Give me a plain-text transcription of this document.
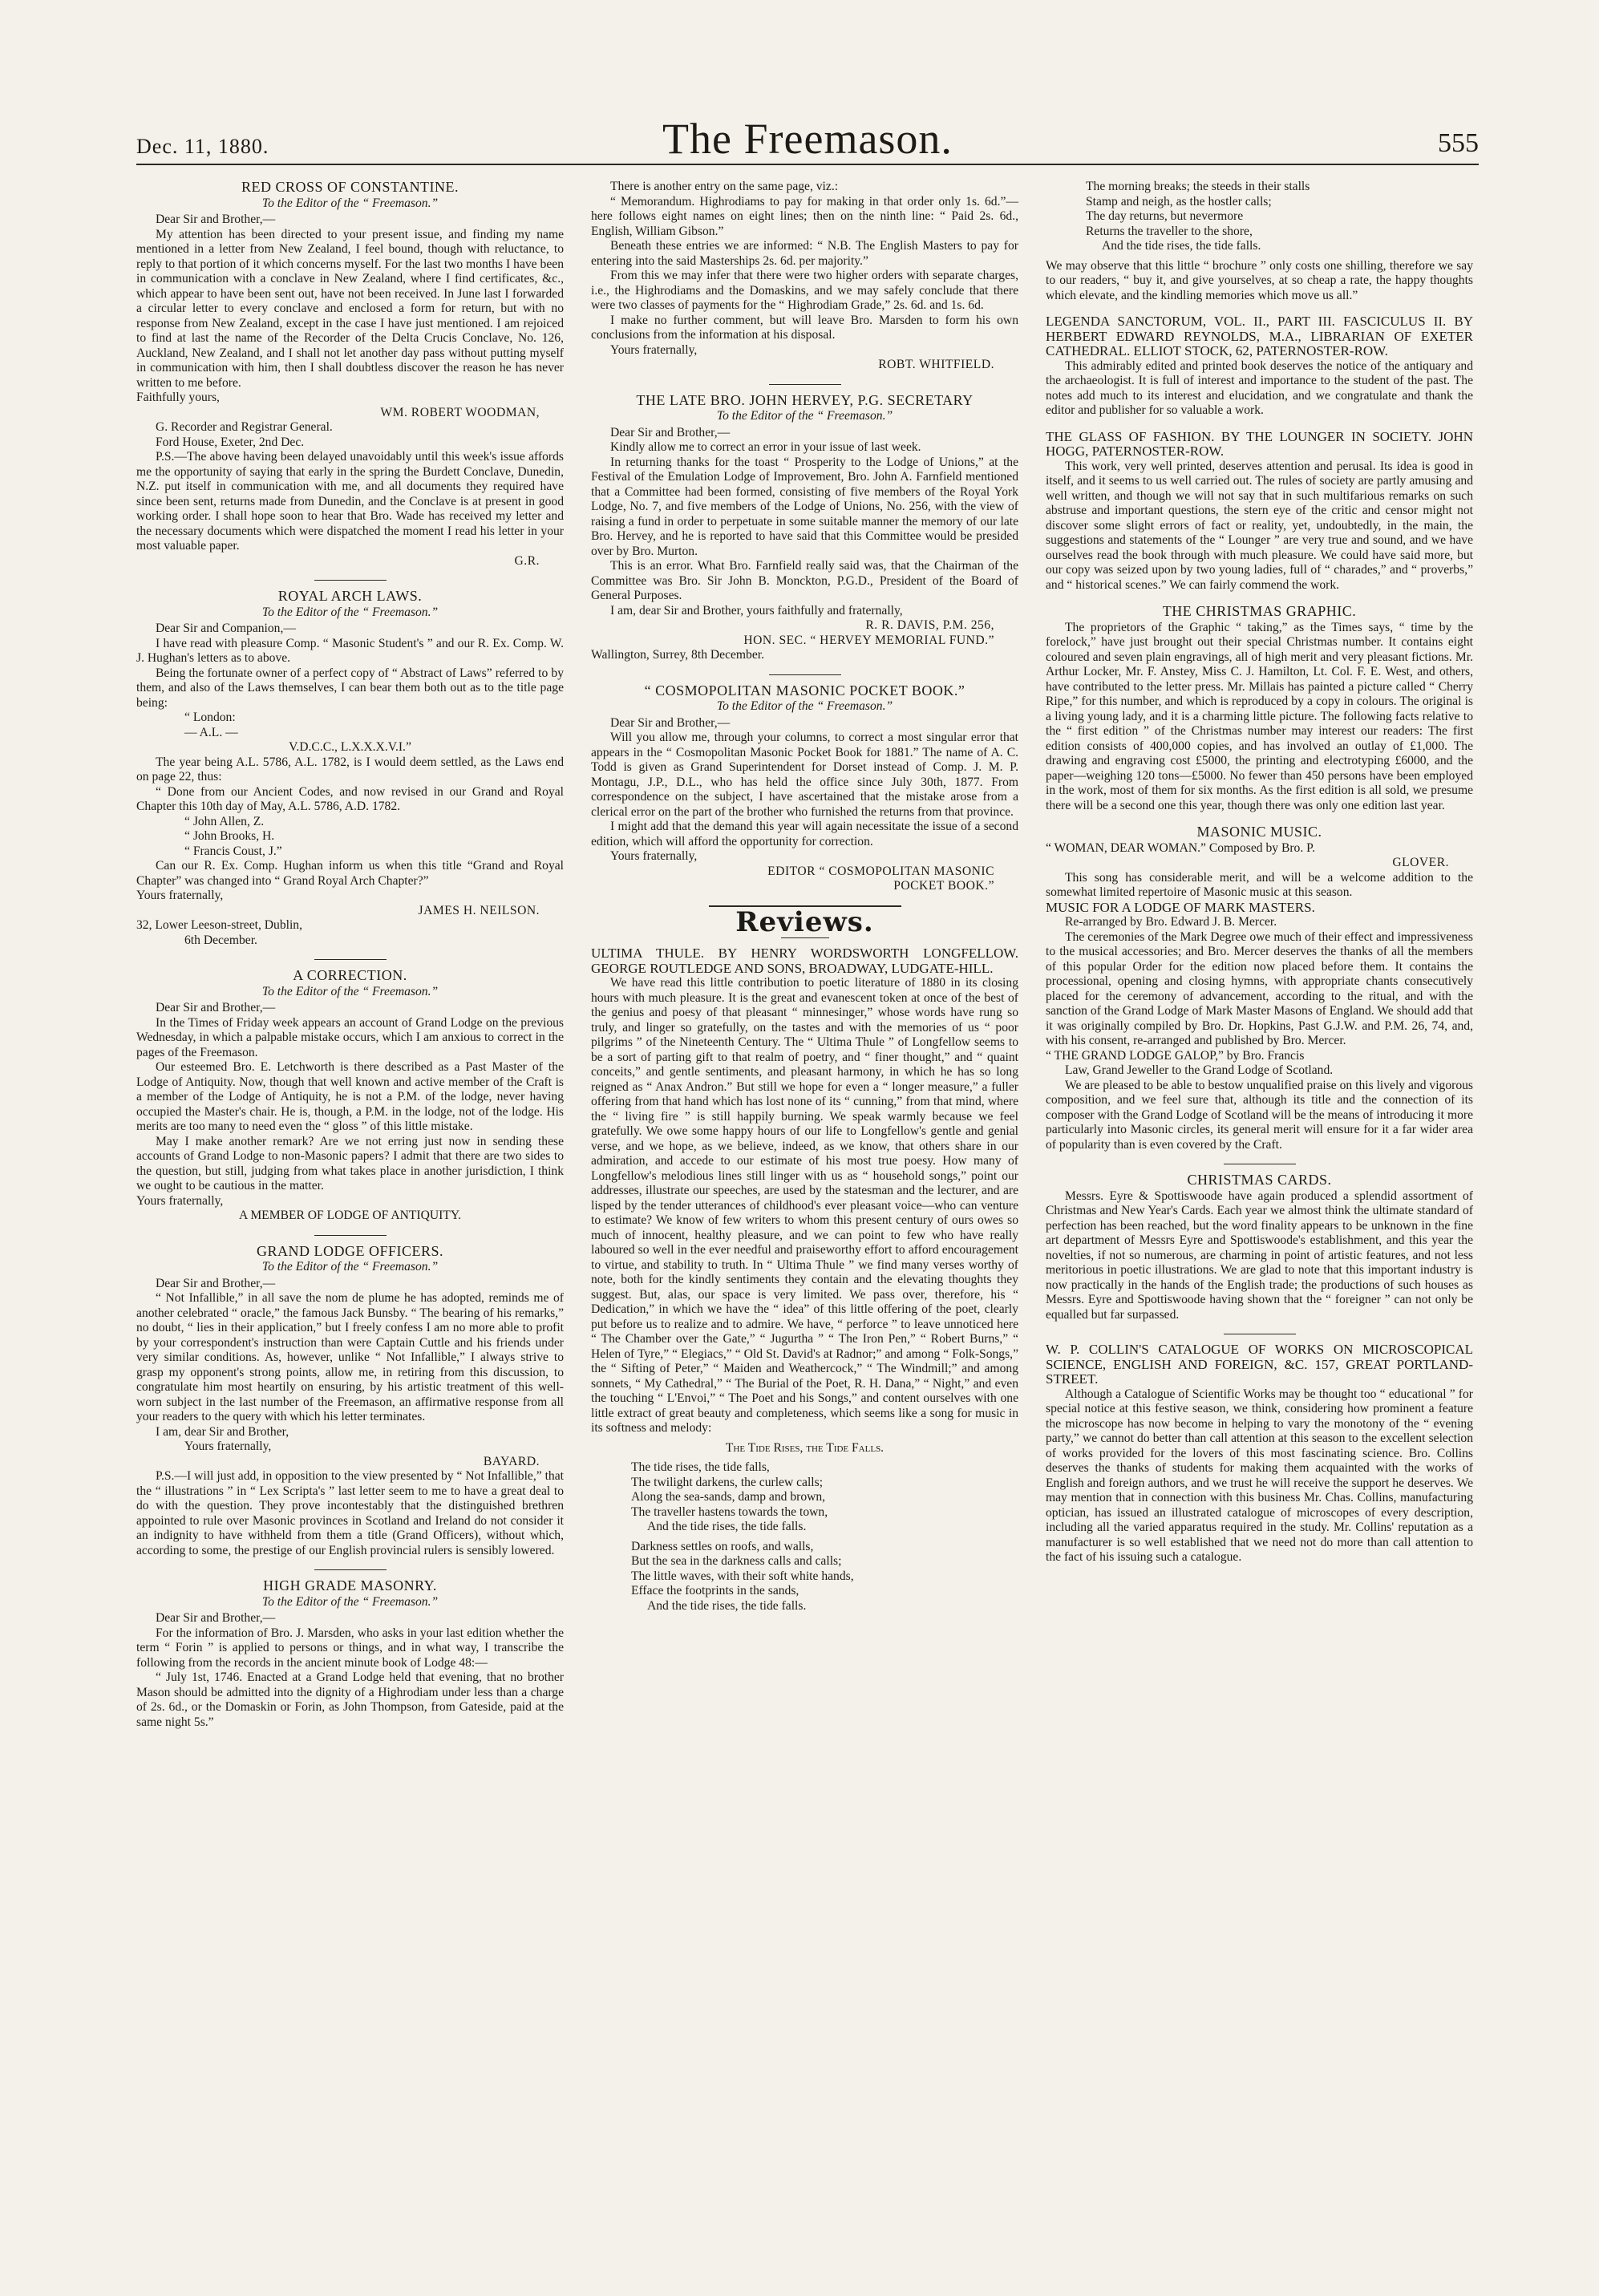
Dec. 11, 1880.	The Freemason.	555
RED CROSS OF CONSTANTINE.
To the Editor of the “ Freemason.”
Dear Sir and Brother,—

My attention has been directed to your present issue, and finding my name mentioned in a letter from New Zealand, I feel bound, though with reluctance, to reply to that portion of it which concerns myself. For the last two months I have been in communication with a conclave in New Zealand, where I find certificates, &c., which appear to have been sent out, have not been received. In June last I forwarded a circular letter to every conclave and enclosed a form for return, but with no response from New Zealand, except in the case I have just mentioned. I am rejoiced to find at last the name of the Recorder of the Delta Crucis Conclave, No. 126, Auckland, New Zealand, and I shall not let another day pass without putting myself in communication with him, then I shall doubtless discover the reason he has never written to me before.

Faithfully yours,

WM. ROBERT WOODMAN,
G. Recorder and Registrar General.
Ford House, Exeter, 2nd Dec.

P.S.—The above having been delayed unavoidably until this week's issue affords me the opportunity of saying that early in the spring the Burdett Conclave, Dunedin, N.Z. put itself in communication with me, and all documents they required have since been sent, returns made from Dunedin, and the Conclave is at present in good working order. I shall hope soon to hear that Bro. Wade has received my letter and the necessary documents which were dispatched the moment I read his letter in your most valuable paper.

G.R.
ROYAL ARCH LAWS.
To the Editor of the “ Freemason.”
Dear Sir and Companion,—

I have read with pleasure Comp. “ Masonic Student's ” and our R. Ex. Comp. W. J. Hughan's letters as to above.

Being the fortunate owner of a perfect copy of “ Abstract of Laws” referred to by them, and also of the Laws themselves, I can bear them both out as to the title page being:

“ London:
— A.L. —
V.D.C.C., L.X.X.X.V.I.”

The year being A.L. 5786, A.L. 1782, is I would deem settled, as the Laws end on page 22, thus:

“ Done from our Ancient Codes, and now revised in our Grand and Royal Chapter this 10th day of May, A.L. 5786, A.D. 1782.

“ John Allen, Z.
“ John Brooks, H.
“ Francis Coust, J.”

Can our R. Ex. Comp. Hughan inform us when this title “Grand and Royal Chapter” was changed into “ Grand Royal Arch Chapter?”

Yours fraternally,

JAMES H. NEILSON.
32, Lower Leeson-street, Dublin,
6th December.
A CORRECTION.
To the Editor of the “ Freemason.”
Dear Sir and Brother,—

In the Times of Friday week appears an account of Grand Lodge on the previous Wednesday, in which a palpable mistake occurs, which I am anxious to correct in the pages of the Freemason.

Our esteemed Bro. E. Letchworth is there described as a Past Master of the Lodge of Antiquity. Now, though that well known and active member of the Craft is a member of the Lodge of Antiquity, he is not a P.M. of the lodge, never having occupied the Master's chair. He is, though, a P.M. in the lodge, not of the lodge. His merits are too many to need even the “ gloss ” of this little mistake.

May I make another remark? Are we not erring just now in sending these accounts of Grand Lodge to non-Masonic papers? I admit that there are two sides to the question, but still, judging from what takes place in another jurisdiction, I think we ought to be cautious in the matter.

Yours fraternally,

A MEMBER OF LODGE OF ANTIQUITY.
GRAND LODGE OFFICERS.
To the Editor of the “ Freemason.”
Dear Sir and Brother,—

“ Not Infallible,” in all save the nom de plume he has adopted, reminds me of another celebrated “ oracle,” the famous Jack Bunsby. “ The bearing of his remarks,” no doubt, “ lies in their application,” but I freely confess I am no more able to profit by your correspondent's instruction than were Captain Cuttle and his friends under very similar conditions. As, however, unlike “ Not Infallible,” I always strive to grasp my opponent's strong points, allow me, in retiring from this discussion, to congratulate him most heartily on ensuring, by his artistic treatment of this well-worn subject in the last number of the Freemason, an affirmative response from all your readers to the query with which his letter terminates.

I am, dear Sir and Brother,
Yours fraternally,
BAYARD.

P.S.—I will just add, in opposition to the view presented by “ Not Infallible,” that the “ illustrations ” in “ Lex Scripta's ” last letter seem to me to have a great deal to do with the question. They prove incontestably that the distinguished brethren appointed to rule over Masonic provinces in Scotland and Ireland do not consider it an indignity to have withheld from them a title (Grand Officers), without which, according to some, the prestige of our English provincial rulers is sensibly lowered.

HIGH GRADE MASONRY.
To the Editor of the “ Freemason.”
Dear Sir and Brother,—

For the information of Bro. J. Marsden, who asks in your last edition whether the term “ Forin ” is applied to persons or things, and in what way, I transcribe the following from the records in the ancient minute book of Lodge 48:—

“ July 1st, 1746. Enacted at a Grand Lodge held that evening, that no brother Mason should be admitted into the dignity of a Highrodiam under less than a charge of 2s. 6d., or the Domaskin or Forin, as John Thompson, from Gateside, paid at the same night 5s.”

There is another entry on the same page, viz.:

“ Memorandum. Highrodiams to pay for making in that order only 1s. 6d.”—here follows eight names on eight lines; then on the ninth line: “ Paid 2s. 6d., English, William Gibson.”

Beneath these entries we are informed: “ N.B. The English Masters to pay for entering into the said Masterships 2s. 6d. per majority.”

From this we may infer that there were two higher orders with separate charges, i.e., the Highrodiams and the Domaskins, and we may safely conclude that there were two classes of payments for the “ Highrodiam Grade,” 2s. 6d. and 1s. 6d.

I make no further comment, but will leave Bro. Marsden to form his own conclusions from the information at his disposal.

Yours fraternally,
ROBT. WHITFIELD.
THE LATE BRO. JOHN HERVEY, P.G. SECRETARY
To the Editor of the “ Freemason.”
Dear Sir and Brother,—

Kindly allow me to correct an error in your issue of last week.

In returning thanks for the toast “ Prosperity to the Lodge of Unions,” at the Festival of the Emulation Lodge of Improvement, Bro. John A. Farnfield mentioned that a Committee had been formed, consisting of five members of the Royal York Lodge, No. 7, and five members of the Lodge of Unions, No. 256, with the view of raising a fund in order to perpetuate in some suitable manner the memory of our late Bro. Hervey, and he is reported to have said that this Committee would be presided over by Bro. Murton.

This is an error. What Bro. Farnfield really said was, that the Chairman of the Committee was Bro. Sir John B. Monckton, P.G.D., President of the Board of General Purposes.

I am, dear Sir and Brother, yours faithfully and fraternally,

R. R. DAVIS, P.M. 256,
HON. SEC. “ HERVEY MEMORIAL FUND.”
Wallington, Surrey, 8th December.
“ COSMOPOLITAN MASONIC POCKET BOOK.”
To the Editor of the “ Freemason.”
Dear Sir and Brother,—

Will you allow me, through your columns, to correct a most singular error that appears in the “ Cosmopolitan Masonic Pocket Book for 1881.” The name of A. C. Todd is given as Grand Superintendent for Dorset instead of Comp. J. M. P. Montagu, J.P., D.L., who has held the office since July 30th, 1877. From correspondence on the subject, I have ascertained that the mistake arose from a clerical error on the part of the brother who furnished the returns from that province.

I might add that the demand this year will again necessitate the issue of a second edition, which will afford the opportunity for correction.

Yours fraternally,
EDITOR “ COSMOPOLITAN MASONIC
POCKET BOOK.”
Reviews.
ULTIMA THULE. BY HENRY WORDSWORTH LONGFELLOW. GEORGE ROUTLEDGE AND SONS, BROADWAY, LUDGATE-HILL.

We have read this little contribution to poetic literature of 1880 in its closing hours with much pleasure. It is the great and evanescent token at once of the best of the genius and poesy of that pleasant “ minnesinger,” whose words have rung so truly, and linger so gratefully, on the tastes and with the memories of us “ poor pilgrims ” of the Nineteenth Century. The “ Ultima Thule ” of Longfellow seems to be a sort of parting gift to that realm of poetry, and “ finer thought,” and “ quaint conceits,” and gentle sentiments, and pleasant harmony, in which he has so long reigned as “ Anax Andron.” But still we hope for even a “ longer measure,” a fuller offering from that hand which has lost none of its “ cunning,” from that mind, where the “ living fire ” is still happily burning. We speak warmly because we feel gratefully. We owe some happy hours of our life to Longfellow's gentle and genial verse, and we hope, as we believe, indeed, as we know, that others share in our admiration, and accede to our estimate of his most true poesy. How many of Longfellow's melodious lines still linger with us as “ household songs,” point our addresses, illustrate our speeches, are used by the statesman and the lecturer, and are lisped by the tender utterances of childhood's ever pleasant voice—who can venture to estimate? We know of few writers to whom this present century of ours owes so much of innocent, healthy pleasure, and we can point to few who have really laboured so well in the ever needful and praiseworthy effort to afford encouragement to virtue, and stability to truth. In “ Ultima Thule ” we find many verses worthy of note, both for the kindly sentiments they contain and the elevating thoughts they suggest. But, alas, our space is very limited. We pass over, therefore, his “ Dedication,” in which we have the “ idea” of this little offering of the poet, clearly put before us to realize and to admire. We have, “ perforce ” to leave unnoticed here “ The Chamber over the Gate,” “ Jugurtha ” “ The Iron Pen,” “ Robert Burns,” “ Helen of Tyre,” “ Elegiacs,” “ Old St. David's at Radnor;” and among “ Folk-Songs,” the “ Sifting of Peter,” “ Maiden and Weathercock,” “ The Windmill;” and among sonnets, “ My Cathedral,” “ The Burial of the Poet, R. H. Dana,” “ Night,” and even the touching “ L'Envoi,” “ The Poet and his Songs,” and content ourselves with one little extract of great beauty and completeness, which seems like a song for music in its softness and melody:

The Tide Rises, the Tide Falls.
The tide rises, the tide falls,
The twilight darkens, the curlew calls;
Along the sea-sands, damp and brown,
The traveller hastens towards the town,
And the tide rises, the tide falls.
Darkness settles on roofs, and walls,
But the sea in the darkness calls and calls;
The little waves, with their soft white hands,
Efface the footprints in the sands,
And the tide rises, the tide falls.
The morning breaks; the steeds in their stalls
Stamp and neigh, as the hostler calls;
The day returns, but nevermore
Returns the traveller to the shore,
And the tide rises, the tide falls.

We may observe that this little “ brochure ” only costs one shilling, therefore we say to our readers, “ buy it, and give yourselves, at so cheap a rate, the happy thoughts which elevate, and the kindling memories which move us all.”

LEGENDA SANCTORUM, VOL. II., PART III. FASCICULUS II. BY HERBERT EDWARD REYNOLDS, M.A., LIBRARIAN OF EXETER CATHEDRAL. ELLIOT STOCK, 62, PATERNOSTER-ROW.

This admirably edited and printed book deserves the notice of the antiquary and the archaeologist. It is full of interest and importance to the student of the past. The notes add much to its interest and elucidation, and we congratulate and thank the editor and publisher for so valuable a work.

THE GLASS OF FASHION. BY THE LOUNGER IN SOCIETY. JOHN HOGG, PATERNOSTER-ROW.

This work, very well printed, deserves attention and perusal. Its idea is good in itself, and it seems to us well carried out. The rules of society are partly amusing and well written, and though we will not say that in such multifarious remarks on such abstruse and important questions, the stern eye of the critic and censor might not discover some slight errors of fact or reality, yet, undoubtedly, in the main, the suggestions and statements of the “ Lounger ” are very true and sound, and we have ourselves read the book through with much pleasure. We could have said more, but our copy was seized upon by two young ladies, full of “ charades,” and “ proverbs,” and “ historical scenes.” We can fairly commend the work.

THE CHRISTMAS GRAPHIC.

The proprietors of the Graphic “ taking,” as the Times says, “ time by the forelock,” have just brought out their special Christmas number. It contains eight coloured and seven plain engravings, all of high merit and very pleasant fictions. Mr. Arthur Locker, Mr. F. Anstey, Miss C. J. Hamilton, Lt. Col. F. E. West, and others, have contributed to the letter press. Mr. Millais has painted a picture called “ Cherry Ripe,” for this number, and which is reproduced by a copy in colours. The original is a living young lady, and it is a charming little picture. The following facts relative to the “ first edition ” of the Christmas number may interest our readers: The first edition consists of 400,000 copies, and has involved an outlay of £1,000. The drawing and engraving cost £5000, the printing and electrotyping £6000, and the paper—weighing 120 tons—£5000. No fewer than 450 persons have been employed in the work, most of them for six months. As the first edition is all sold, we presume there will be a second one this year, though there was only one edition last year.

MASONIC MUSIC.
“ WOMAN, DEAR WOMAN.” Composed by Bro. P.
GLOVER.

This song has considerable merit, and will be a welcome addition to the somewhat limited repertoire of Masonic music at this season.

MUSIC FOR A LODGE OF MARK MASTERS.
Re-arranged by Bro. Edward J. B. Mercer.

The ceremonies of the Mark Degree owe much of their effect and impressiveness to the musical accessories; and Bro. Mercer deserves the thanks of all the members of this popular Order for the edition now placed before them. It contains the processional, opening and closing hymns, with appropriate chants consecutively placed for the ceremony of advancement, according to the ritual, and with the sanction of the Grand Lodge of Mark Master Masons of England. We should add that it was originally compiled by Bro. Dr. Hopkins, Past G.J.W. and P.M. 26, 74, and, with his consent, re-arranged and published by Bro. Mercer.

“ THE GRAND LODGE GALOP,” by Bro. Francis
Law, Grand Jeweller to the Grand Lodge of Scotland.

We are pleased to be able to bestow unqualified praise on this lively and vigorous composition, and we feel sure that, although its title and the connection of its composer with the Grand Lodge of Scotland will be the means of introducing it more particularly into Masonic circles, its general merit will ensure for it a far wider area of popularity than is even covered by the Craft.

CHRISTMAS CARDS.

Messrs. Eyre & Spottiswoode have again produced a splendid assortment of Christmas and New Year's Cards. Each year we almost think the ultimate standard of perfection has been reached, but the word finality appears to be unknown in the fine art department of Messrs Eyre and Spottiswoode's establishment, and this year the novelties, if not so numerous, are charming in point of artistic features, and not less meritorious in poetic illustrations. We are glad to note that this important industry is now practically in the hands of the English trade; the productions of such houses as Messrs. Eyre and Spottiswoode having shown that the “ foreigner ” can not only be equalled but far surpassed.

W. P. COLLIN'S CATALOGUE OF WORKS ON MICROSCOPICAL SCIENCE, ENGLISH AND FOREIGN, &C. 157, GREAT PORTLAND-STREET.

Although a Catalogue of Scientific Works may be thought too “ educational ” for special notice at this festive season, we think, considering how prominent a feature the microscope has now become in helping to vary the monotony of the “ evening party,” we cannot do better than call attention at this season to the excellent selection of works provided for the lovers of this most fascinating science. Bro. Collins deserves the thanks of students for making them acquainted with the works of English and foreign authors, and we trust he will receive the support he deserves. We may mention that in connection with this business Mr. Chas. Collins, manufacturing optician, has issued an illustrated catalogue of microscopes of every description, including all the varied apparatus required in the study. Mr. Collins' reputation as a manufacturer is so well established that we need not do more than call attention to the fact of his issuing such a catalogue.
